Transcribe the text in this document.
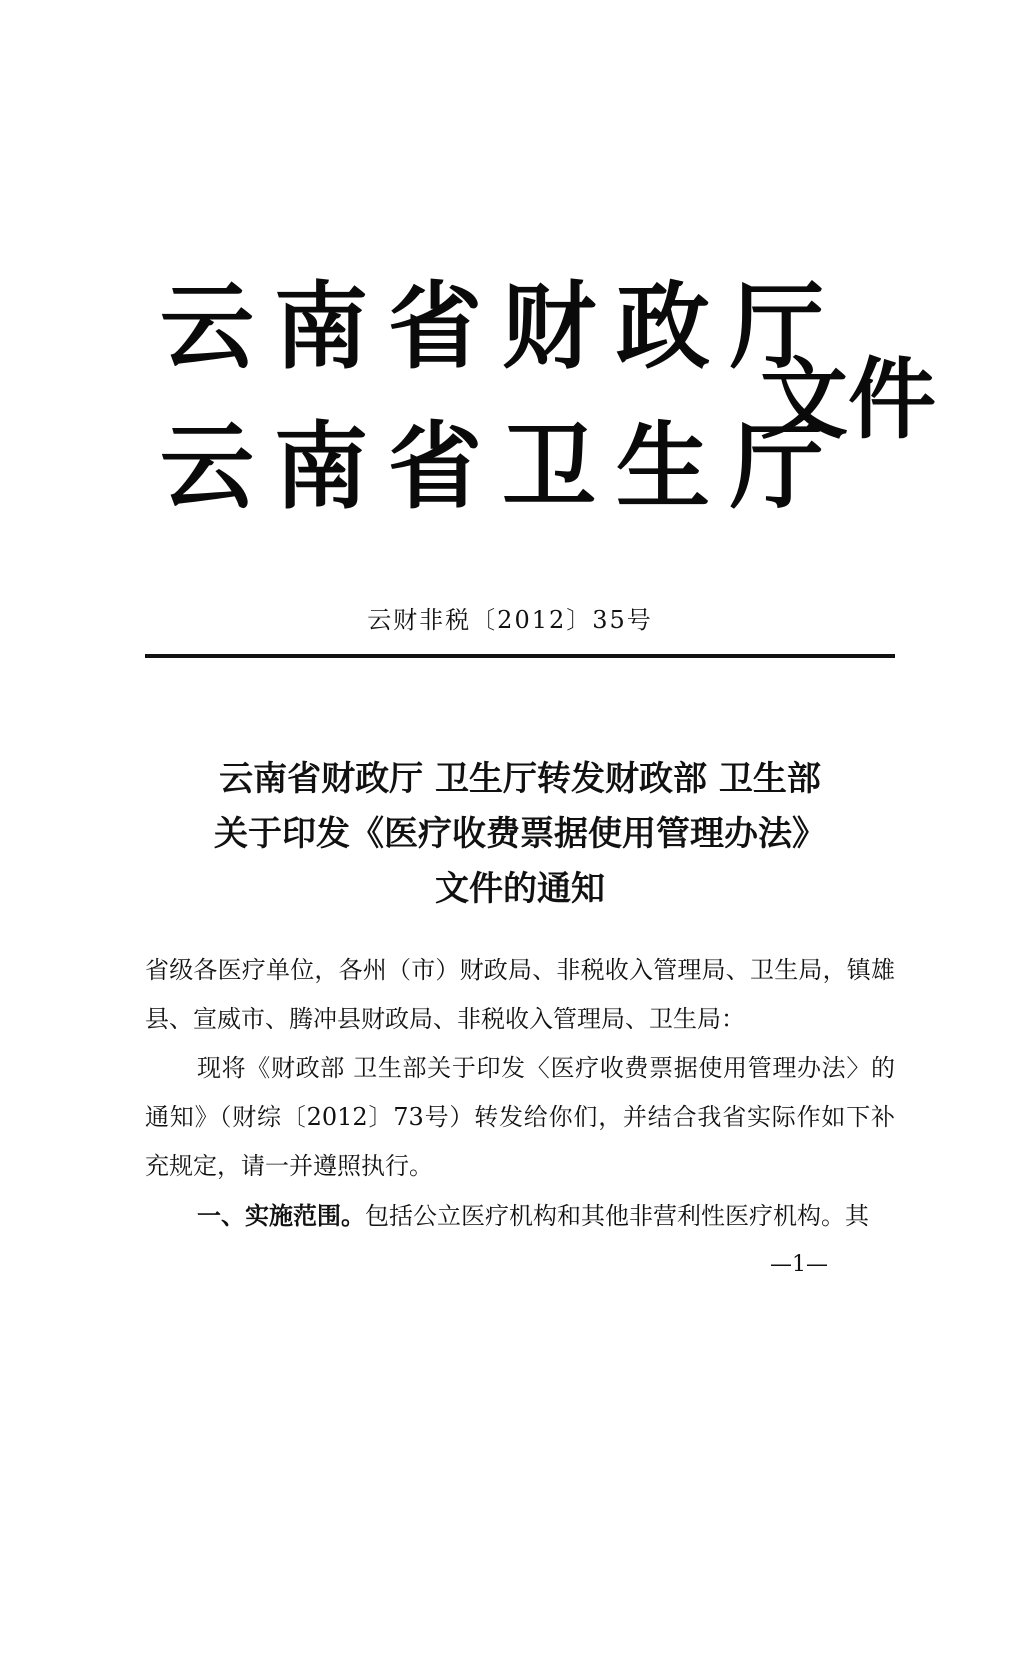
云南省财政厅
云南省卫生厅
文件
云财非税〔2012〕35号
云南省财政厅 卫生厅转发财政部 卫生部
关于印发《医疗收费票据使用管理办法》
文件的通知

省级各医疗单位，各州（市）财政局、非税收入管理局、卫生局，镇雄县、宣威市、腾冲县财政局、非税收入管理局、卫生局：

现将《财政部 卫生部关于印发〈医疗收费票据使用管理办法〉的通知》（财综〔2012〕73号）转发给你们，并结合我省实际作如下补充规定，请一并遵照执行。

一、实施范围。包括公立医疗机构和其他非营利性医疗机构。其

—1—
